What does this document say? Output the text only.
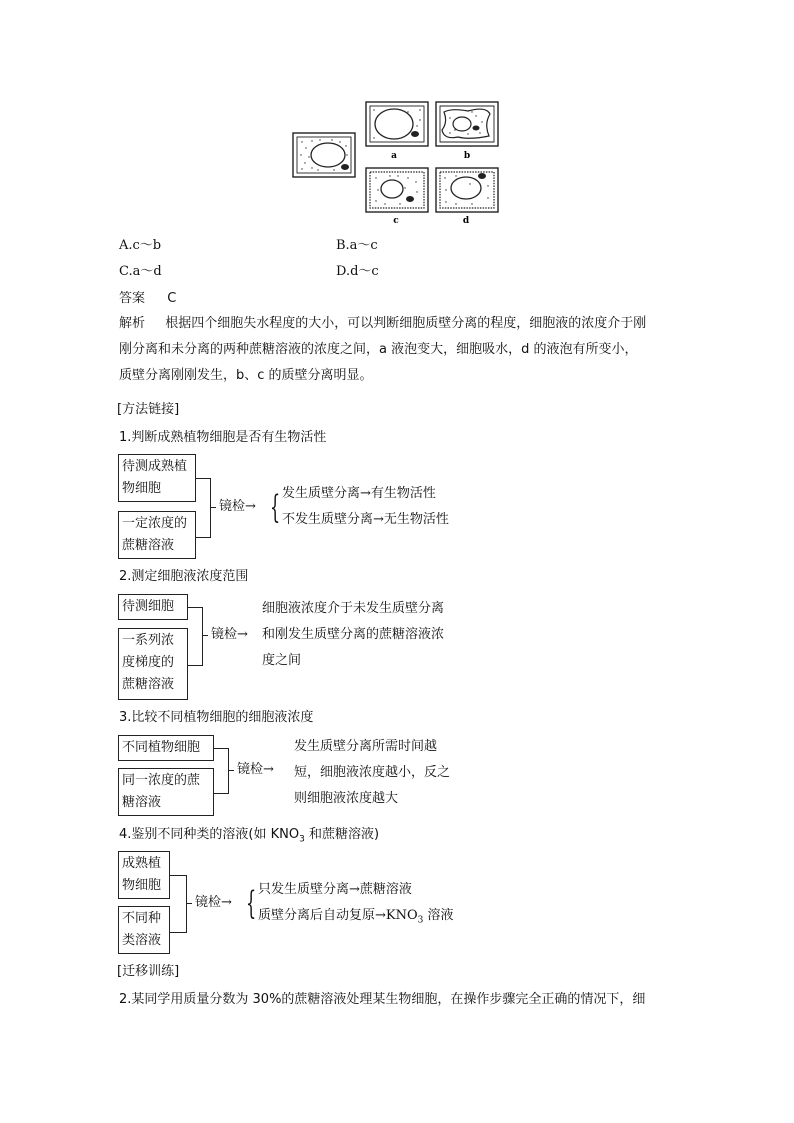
a	b
c	d
A.c～b	B.a～c
C.a～d	D.d～c
答案 C
解析 根据四个细胞失水程度的大小，可以判断细胞质壁分离的程度，细胞液的浓度介于刚
刚分离和未分离的两种蔗糖溶液的浓度之间，a 液泡变大，细胞吸水，d 的液泡有所变小，
质壁分离刚刚发生，b、c 的质壁分离明显。
[方法链接]
1.判断成熟植物细胞是否有生物活性
待测成熟植
物细胞
一定浓度的
蔗糖溶液
镜检→ { 发生质壁分离→有生物活性
不发生质壁分离→无生物活性
2.测定细胞液浓度范围
待测细胞
一系列浓
度梯度的
蔗糖溶液
镜检→
细胞液浓度介于未发生质壁分离
和刚发生质壁分离的蔗糖溶液浓
度之间
3.比较不同植物细胞的细胞液浓度
不同植物细胞
同一浓度的蔗
糖溶液
镜检→
发生质壁分离所需时间越
短，细胞液浓度越小，反之
则细胞液浓度越大
4.鉴别不同种类的溶液(如 $KNO_3$ 和蔗糖溶液)
成熟植
物细胞
不同种
类溶液
镜检→ { 只发生质壁分离→蔗糖溶液
质壁分离后自动复原$\to KNO_3$ 溶液
[迁移训练]
2.某同学用质量分数为 30%的蔗糖溶液处理某生物细胞，在操作步骤完全正确的情况下，细
